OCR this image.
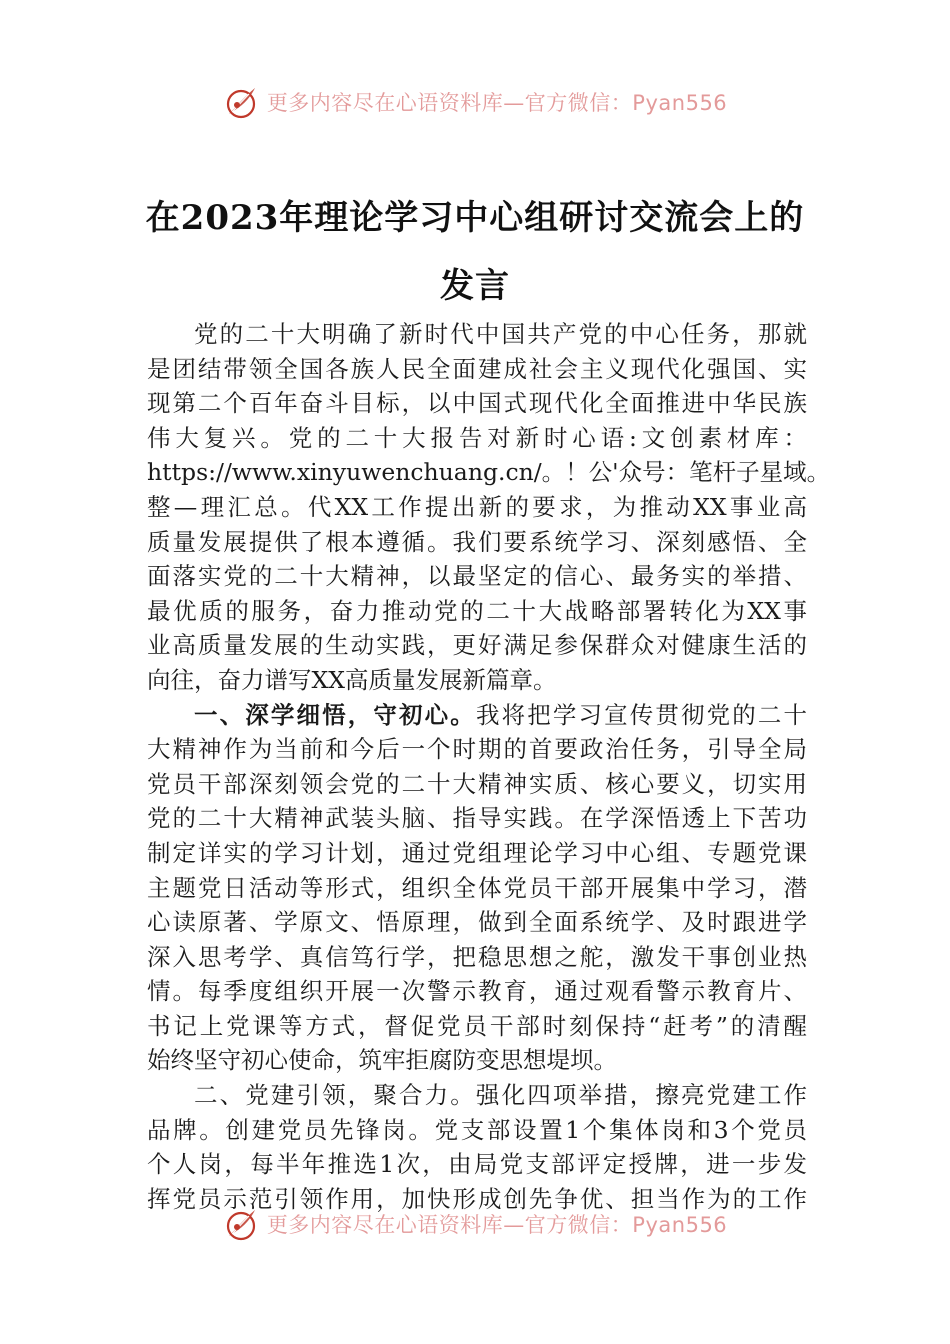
更多内容尽在心语资料库—官方微信：Pyan556
在2023年理论学习中心组研讨交流会上的
发言
党的二十大明确了新时代中国共产党的中心任务，那就
是团结带领全国各族人民全面建成社会主义现代化强国、实
现第二个百年奋斗目标，以中国式现代化全面推进中华民族
伟大复兴。党的二十大报告对新时心语:文创素材库：
https://www.xinyuwenchuang.cn/。！公'众号：笔杆子星域。
整—理汇总。代XX工作提出新的要求，为推动XX事业高
质量发展提供了根本遵循。我们要系统学习、深刻感悟、全
面落实党的二十大精神，以最坚定的信心、最务实的举措、
最优质的服务，奋力推动党的二十大战略部署转化为XX事
业高质量发展的生动实践，更好满足参保群众对健康生活的
向往，奋力谱写XX高质量发展新篇章。
一、深学细悟，守初心。我将把学习宣传贯彻党的二十
大精神作为当前和今后一个时期的首要政治任务，引导全局
党员干部深刻领会党的二十大精神实质、核心要义，切实用
党的二十大精神武装头脑、指导实践。在学深悟透上下苦功
制定详实的学习计划，通过党组理论学习中心组、专题党课
主题党日活动等形式，组织全体党员干部开展集中学习，潜
心读原著、学原文、悟原理，做到全面系统学、及时跟进学
深入思考学、真信笃行学，把稳思想之舵，激发干事创业热
情。每季度组织开展一次警示教育，通过观看警示教育片、
书记上党课等方式，督促党员干部时刻保持“赶考”的清醒
始终坚守初心使命，筑牢拒腐防变思想堤坝。
二、党建引领，聚合力。强化四项举措，擦亮党建工作
品牌。创建党员先锋岗。党支部设置1个集体岗和3个党员
个人岗，每半年推选1次，由局党支部评定授牌，进一步发
挥党员示范引领作用，加快形成创先争优、担当作为的工作
更多内容尽在心语资料库—官方微信：Pyan556
